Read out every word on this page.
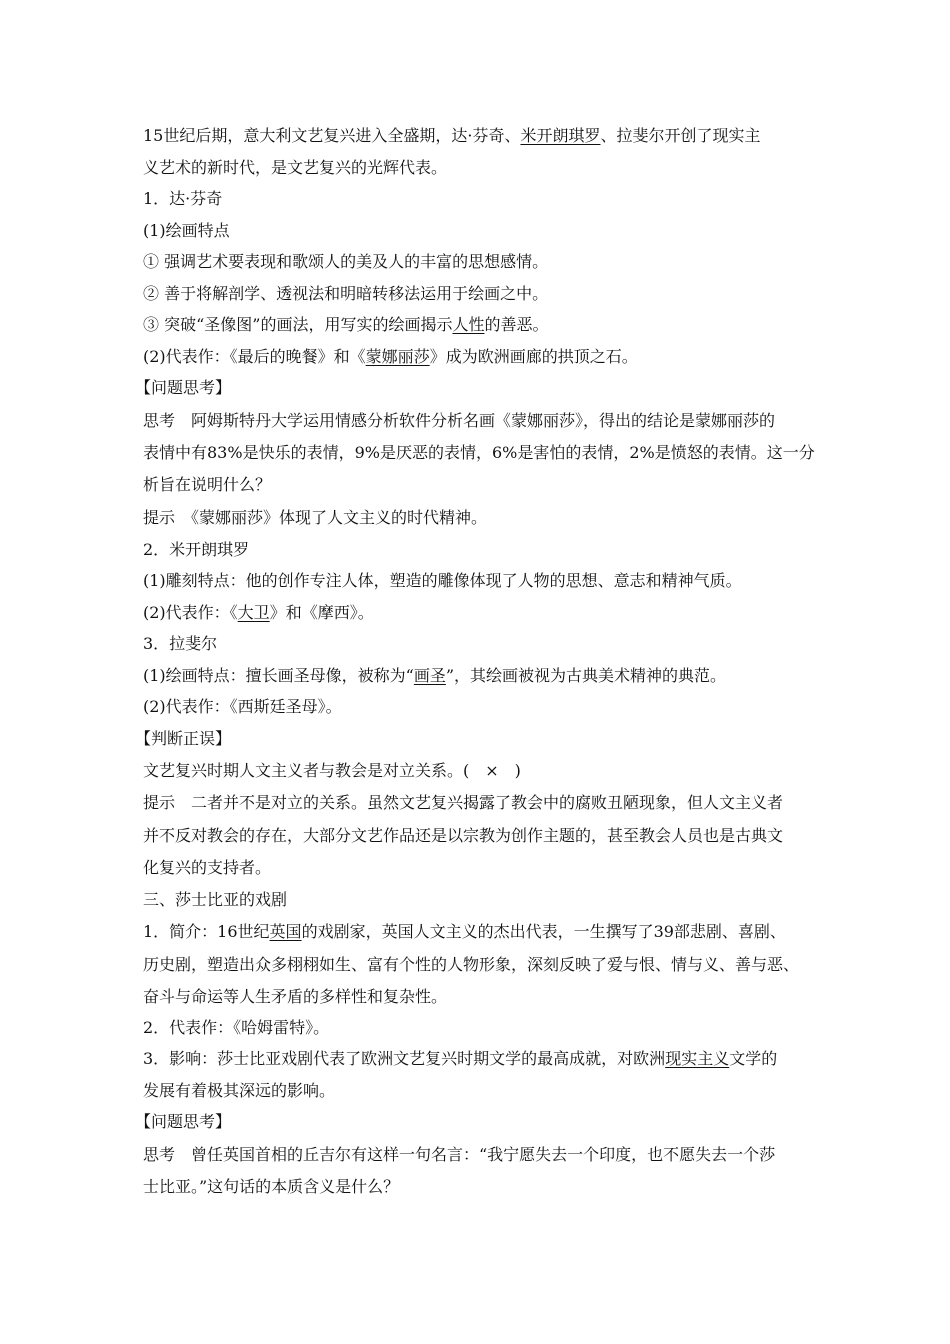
15世纪后期，意大利文艺复兴进入全盛期，达·芬奇、米开朗琪罗、拉斐尔开创了现实主
义艺术的新时代，是文艺复兴的光辉代表。
1．达·芬奇
(1)绘画特点
① 强调艺术要表现和歌颂人的美及人的丰富的思想感情。
② 善于将解剖学、透视法和明暗转移法运用于绘画之中。
③ 突破“圣像图”的画法，用写实的绘画揭示人性的善恶。
(2)代表作：《最后的晚餐》和《蒙娜丽莎》成为欧洲画廊的拱顶之石。
【问题思考】
思考　阿姆斯特丹大学运用情感分析软件分析名画《蒙娜丽莎》，得出的结论是蒙娜丽莎的
表情中有83%是快乐的表情，9%是厌恶的表情，6%是害怕的表情，2%是愤怒的表情。这一分
析旨在说明什么？
提示　《蒙娜丽莎》体现了人文主义的时代精神。
2．米开朗琪罗
(1)雕刻特点：他的创作专注人体，塑造的雕像体现了人物的思想、意志和精神气质。
(2)代表作：《大卫》和《摩西》。
3．拉斐尔
(1)绘画特点：擅长画圣母像，被称为“画圣”，其绘画被视为古典美术精神的典范。
(2)代表作：《西斯廷圣母》。
【判断正误】
文艺复兴时期人文主义者与教会是对立关系。(　×　)
提示　二者并不是对立的关系。虽然文艺复兴揭露了教会中的腐败丑陋现象，但人文主义者
并不反对教会的存在，大部分文艺作品还是以宗教为创作主题的，甚至教会人员也是古典文
化复兴的支持者。
三、莎士比亚的戏剧
1．简介：16世纪英国的戏剧家，英国人文主义的杰出代表，一生撰写了39部悲剧、喜剧、
历史剧，塑造出众多栩栩如生、富有个性的人物形象，深刻反映了爱与恨、情与义、善与恶、
奋斗与命运等人生矛盾的多样性和复杂性。
2．代表作：《哈姆雷特》。
3．影响：莎士比亚戏剧代表了欧洲文艺复兴时期文学的最高成就，对欧洲现实主义文学的
发展有着极其深远的影响。
【问题思考】
思考　曾任英国首相的丘吉尔有这样一句名言：“我宁愿失去一个印度，也不愿失去一个莎
士比亚。”这句话的本质含义是什么？
